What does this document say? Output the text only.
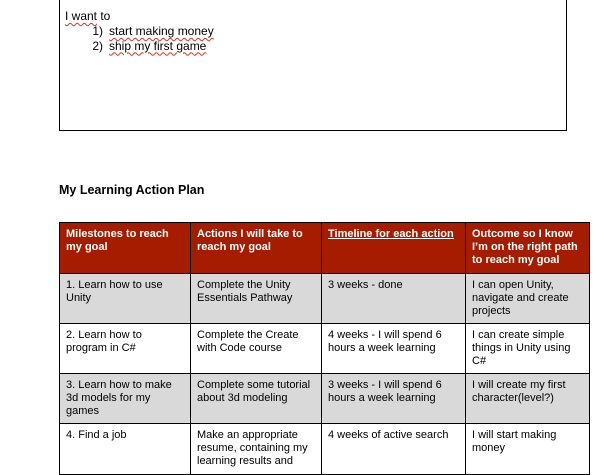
I want to
1) start making money
2) ship my first game
My Learning Action Plan
Milestones to reach my goal	Actions I will take to reach my goal	Timeline for each action	Outcome so I know I’m on the right path to reach my goal
1. Learn how to use Unity	Complete the Unity Essentials Pathway	3 weeks - done	I can open Unity, navigate and create projects
2. Learn how to program in C#	Complete the Create with Code course	4 weeks - I will spend 6 hours a week learning	I can create simple things in Unity using C#
3. Learn how to make 3d models for my games	Complete some tutorial about 3d modeling	3 weeks - I will spend 6 hours a week learning	I will create my first character(level?)
4. Find a job	Make an appropriate resume, containing my learning results and	4 weeks of active search	I will start making money
